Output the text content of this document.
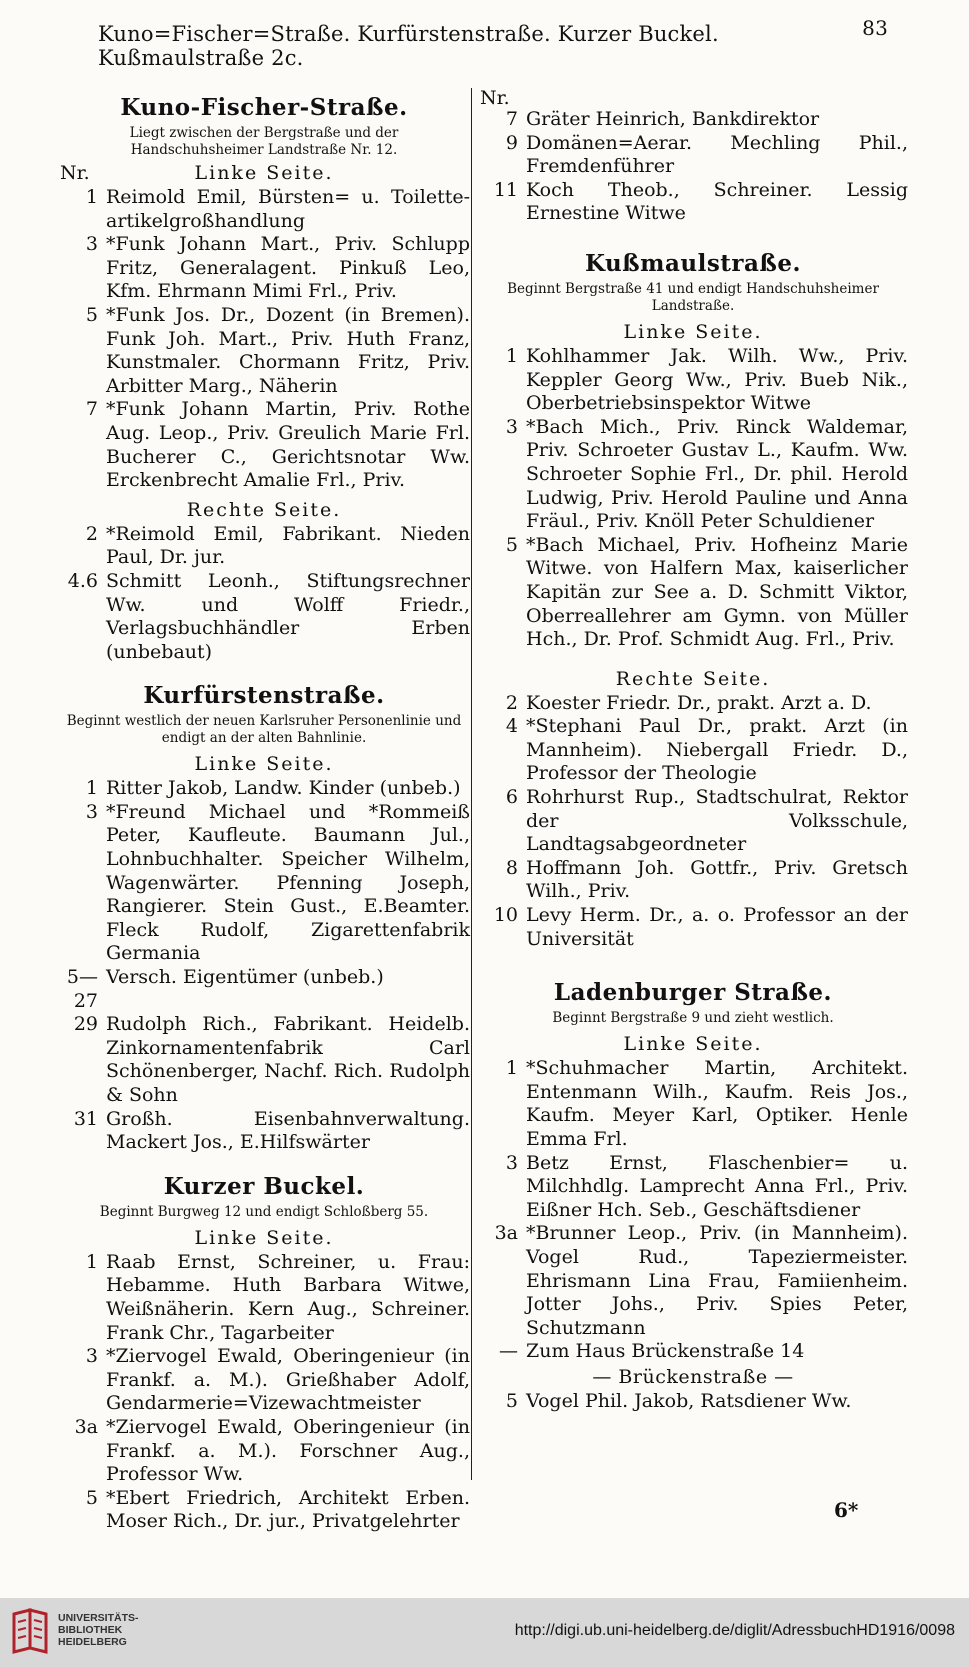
Kuno=Fischer=Straße. Kurfürstenstraße. Kurzer Buckel. Kußmaulstraße 2c.
83
Kuno-Fischer-Straße.
Liegt zwischen der Bergstraße und der Handschuhsheimer Landstraße Nr. 12.
Nr.	Linke Seite.
1 Reimold Emil, Bürsten= u. Toilette-artikelgroßhandlung
3 *Funk Johann Mart., Priv. Schlupp Fritz, Generalagent. Pinkuß Leo, Kfm. Ehrmann Mimi Frl., Priv.
5 *Funk Jos. Dr., Dozent (in Bremen). Funk Joh. Mart., Priv. Huth Franz, Kunstmaler. Chormann Fritz, Priv. Arbitter Marg., Näherin
7 *Funk Johann Martin, Priv. Rothe Aug. Leop., Priv. Greulich Marie Frl. Bucherer C., Gerichtsnotar Ww. Erckenbrecht Amalie Frl., Priv.
Rechte Seite.
2 *Reimold Emil, Fabrikant. Nieden Paul, Dr. jur.
4.6 Schmitt Leonh., Stiftungsrechner Ww. und Wolff Friedr., Verlagsbuchhändler Erben (unbebaut)
Kurfürstenstraße.
Beginnt westlich der neuen Karlsruher Personenlinie und endigt an der alten Bahnlinie.
Linke Seite.
1 Ritter Jakob, Landw. Kinder (unbeb.)
3 *Freund Michael und *Rommeiß Peter, Kaufleute. Baumann Jul., Lohnbuchhalter. Speicher Wilhelm, Wagenwärter. Pfenning Joseph, Rangierer. Stein Gust., E.Beamter. Fleck Rudolf, Zigarettenfabrik Germania
5—27
Versch. Eigentümer (unbeb.)
29 Rudolph Rich., Fabrikant. Heidelb. Zinkornamentenfabrik Carl Schönenberger, Nachf. Rich. Rudolph & Sohn
31 Großh. Eisenbahnverwaltung. Mackert Jos., E.Hilfswärter
Kurzer Buckel.
Beginnt Burgweg 12 und endigt Schloßberg 55.
Linke Seite.
1 Raab Ernst, Schreiner, u. Frau: Hebamme. Huth Barbara Witwe, Weißnäherin. Kern Aug., Schreiner. Frank Chr., Tagarbeiter
3 *Ziervogel Ewald, Oberingenieur (in Frankf. a. M.). Grießhaber Adolf, Gendarmerie=Vizewachtmeister
3a *Ziervogel Ewald, Oberingenieur (in Frankf. a. M.). Forschner Aug., Professor Ww.
5 *Ebert Friedrich, Architekt Erben. Moser Rich., Dr. jur., Privatgelehrter
Nr.
7 Gräter Heinrich, Bankdirektor
9 Domänen=Aerar. Mechling Phil., Fremdenführer
11 Koch Theob., Schreiner. Lessig Ernestine Witwe
Kußmaulstraße.
Beginnt Bergstraße 41 und endigt Handschuhsheimer Landstraße.
Linke Seite.
1 Kohlhammer Jak. Wilh. Ww., Priv. Keppler Georg Ww., Priv. Bueb Nik., Oberbetriebsinspektor Witwe
3 *Bach Mich., Priv. Rinck Waldemar, Priv. Schroeter Gustav L., Kaufm. Ww. Schroeter Sophie Frl., Dr. phil. Herold Ludwig, Priv. Herold Pauline und Anna Fräul., Priv. Knöll Peter Schuldiener
5 *Bach Michael, Priv. Hofheinz Marie Witwe. von Halfern Max, kaiserlicher Kapitän zur See a. D. Schmitt Viktor, Oberreallehrer am Gymn. von Müller Hch., Dr. Prof. Schmidt Aug. Frl., Priv.
Rechte Seite.
2 Koester Friedr. Dr., prakt. Arzt a. D.
4 *Stephani Paul Dr., prakt. Arzt (in Mannheim). Niebergall Friedr. D., Professor der Theologie
6 Rohrhurst Rup., Stadtschulrat, Rektor der Volksschule, Landtagsabgeordneter
8 Hoffmann Joh. Gottfr., Priv. Gretsch Wilh., Priv.
10 Levy Herm. Dr., a. o. Professor an der Universität
Ladenburger Straße.
Beginnt Bergstraße 9 und zieht westlich.
Linke Seite.
1 *Schuhmacher Martin, Architekt. Entenmann Wilh., Kaufm. Reis Jos., Kaufm. Meyer Karl, Optiker. Henle Emma Frl.
3 Betz Ernst, Flaschenbier= u. Milchhdlg. Lamprecht Anna Frl., Priv. Eißner Hch. Seb., Geschäftsdiener
3a *Brunner Leop., Priv. (in Mannheim). Vogel Rud., Tapeziermeister. Ehrismann Lina Frau, Famiienheim. Jotter Johs., Priv. Spies Peter, Schutzmann
— Zum Haus Brückenstraße 14
— Brückenstraße —
5 Vogel Phil. Jakob, Ratsdiener Ww.
6*
UNIVERSITÄTS-
BIBLIOTHEK
HEIDELBERG
http://digi.ub.uni-heidelberg.de/diglit/AdressbuchHD1916/0098
